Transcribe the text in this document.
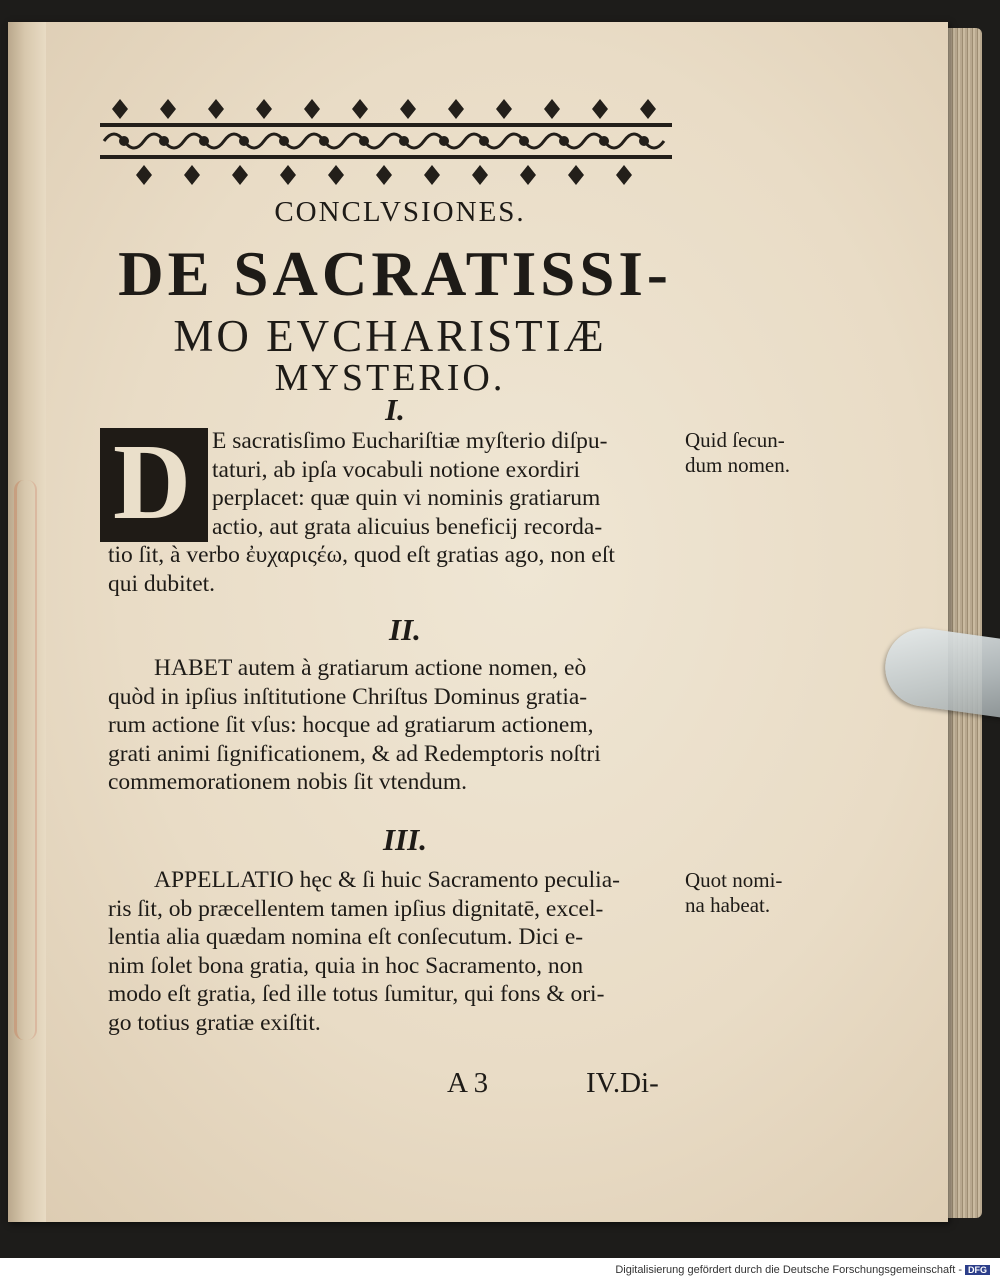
CONCLVSIONES.
DE SACRATISSI-
MO EVCHARISTIÆ
MYSTERIO.
I.
D E sacratisſimo Euchariſtiæ myſterio diſpu-
taturi, ab ipſa vocabuli notione exordiri
perplacet: quæ quin vi nominis gratiarum
actio, aut grata alicuius beneficij recorda-
tio ſit, à verbo ἐυχαριςέω, quod eſt gratias ago, non eſt
qui dubitet.
Quid ſecun-
dum nomen.
II.
HABET autem à gratiarum actione nomen, eò
quòd in ipſius inſtitutione Chriſtus Dominus gratia-
rum actione ſit vſus: hocque ad gratiarum actionem,
grati animi ſignificationem, & ad Redemptoris noſtri
commemorationem nobis ſit vtendum.
III.
APPELLATIO hęc & ſi huic Sacramento peculia-
ris ſit, ob præcellentem tamen ipſius dignitatē, excel-
lentia alia quædam nomina eſt conſecutum. Dici e-
nim ſolet bona gratia, quia in hoc Sacramento, non
modo eſt gratia, ſed ille totus ſumitur, qui fons & ori-
go totius gratiæ exiſtit.
Quot nomi-
na habeat.
A 3	IV.Di-
Digitalisierung gefördert durch die Deutsche Forschungsgemeinschaft - DFG
